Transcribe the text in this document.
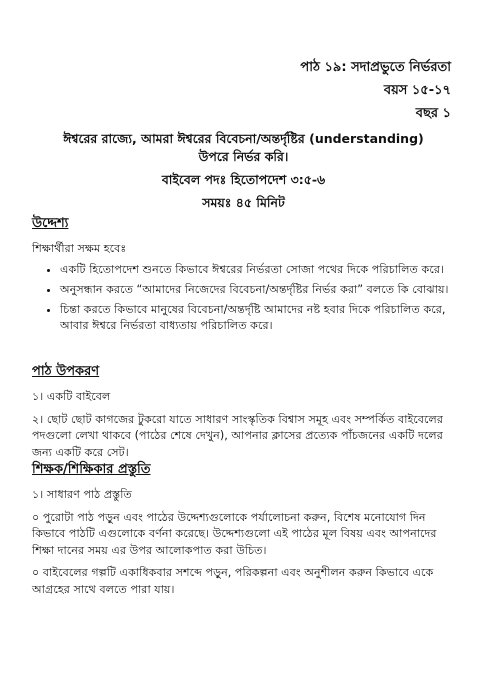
পাঠ ১৯: সদাপ্রভুতে নির্ভরতা
বয়স ১৫-১৭
বছর ১
ঈশ্বরের রাজ্যে, আমরা ঈশ্বরের বিবেচনা/অন্তর্দৃষ্টির (understanding)
উপরে নির্ভর করি।
বাইবেল পদঃ হিতোপদেশ ৩:৫-৬
সময়ঃ ৪৫ মিনিট

উদ্দেশ্য

শিক্ষার্থীরা সক্ষম হবেঃ

• একটি হিতোপদেশ শুনতে কিভাবে ঈশ্বরের নির্ভরতা সোজা পথের দিকে পরিচালিত করে।
• অনুসন্ধান করতে “আমাদের নিজেদের বিবেচনা/অন্তর্দৃষ্টির নির্ভর করা” বলতে কি বোঝায়।
• চিন্তা করতে কিভাবে মানুষের বিবেচনা/অন্তর্দৃষ্টি আমাদের নষ্ট হবার দিকে পরিচালিত করে, আবার ঈশ্বরে নির্ভরতা বাধ্যতায় পরিচালিত করে।

পাঠ উপকরণ

১। একটি বাইবেল

২। ছোট ছোট কাগজের টুকরো যাতে সাধারণ সাংস্কৃতিক বিশ্বাস সমূহ এবং সম্পর্কিত বাইবেলের পদগুলো লেখা থাকবে (পাঠের শেষে দেখুন), আপনার ক্লাসের প্রত্যেক পাঁচজনের একটি দলের জন্য একটি করে সেট।

শিক্ষক/শিক্ষিকার প্রস্তুতি

১। সাধারণ পাঠ প্রস্তুতি

০ পুরোটা পাঠ পড়ুন এবং পাঠের উদ্দেশ্যগুলোকে পর্যালোচনা করুন, বিশেষ মনোযোগ দিন কিভাবে পাঠটি এগুলোকে বর্ণনা করেছে। উদ্দেশ্যগুলো এই পাঠের মূল বিষয় এবং আপনাদের শিক্ষা দানের সময় এর উপর আলোকপাত করা উচিত।

০ বাইবেলের গল্পটি একাধিকবার সশব্দে পড়ুন, পরিকল্পনা এবং অনুশীলন করুন কিভাবে একে আগ্রহের সাথে বলতে পারা যায়।
